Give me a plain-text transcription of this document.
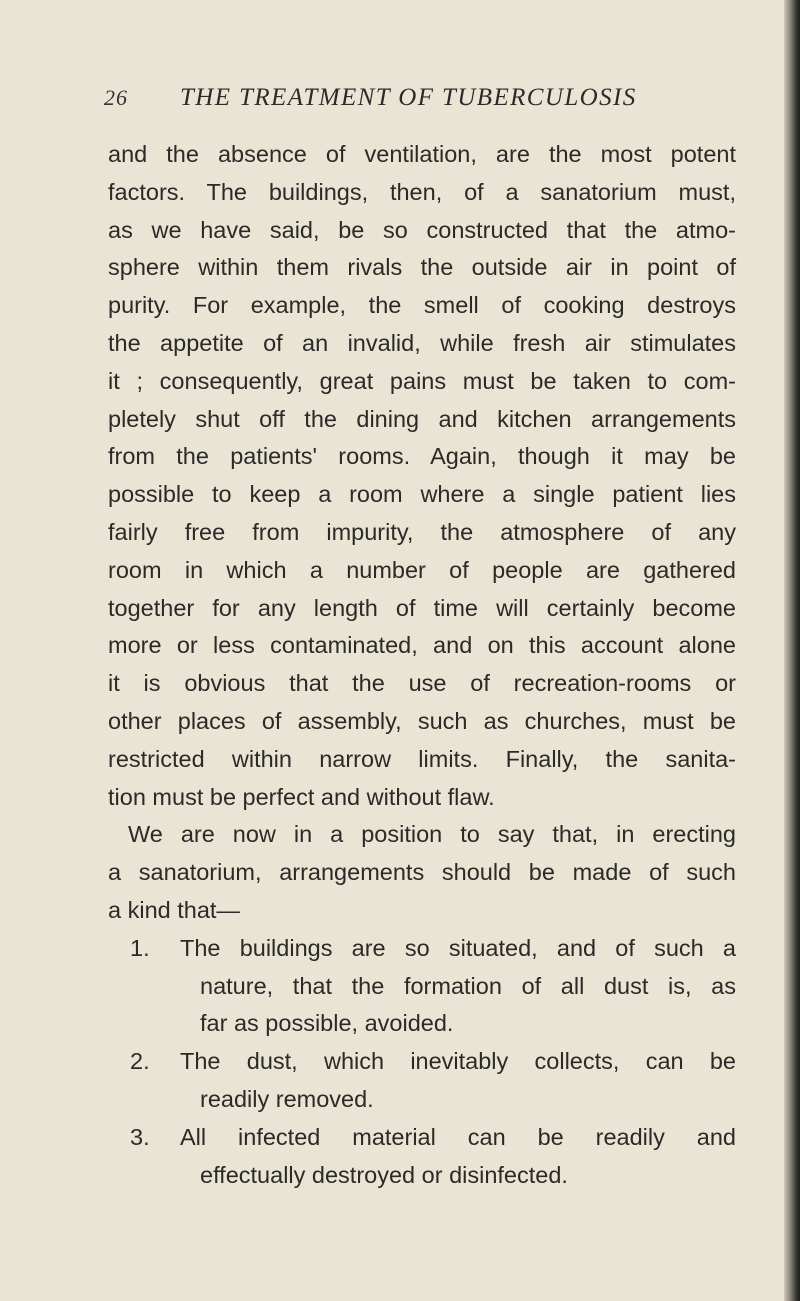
26	THE TREATMENT OF TUBERCULOSIS
and the absence of ventilation, are the most potent
factors. The buildings, then, of a sanatorium must,
as we have said, be so constructed that the atmo-
sphere within them rivals the outside air in point of
purity. For example, the smell of cooking destroys
the appetite of an invalid, while fresh air stimulates
it ; consequently, great pains must be taken to com-
pletely shut off the dining and kitchen arrangements
from the patients' rooms. Again, though it may be
possible to keep a room where a single patient lies
fairly free from impurity, the atmosphere of any
room in which a number of people are gathered
together for any length of time will certainly become
more or less contaminated, and on this account alone
it is obvious that the use of recreation-rooms or
other places of assembly, such as churches, must be
restricted within narrow limits. Finally, the sanita-
tion must be perfect and without flaw.
We are now in a position to say that, in erecting
a sanatorium, arrangements should be made of such
a kind that—
1.	The buildings are so situated, and of such a
nature, that the formation of all dust is, as
far as possible, avoided.
2.	The dust, which inevitably collects, can be
readily removed.
3.	All infected material can be readily and
effectually destroyed or disinfected.
